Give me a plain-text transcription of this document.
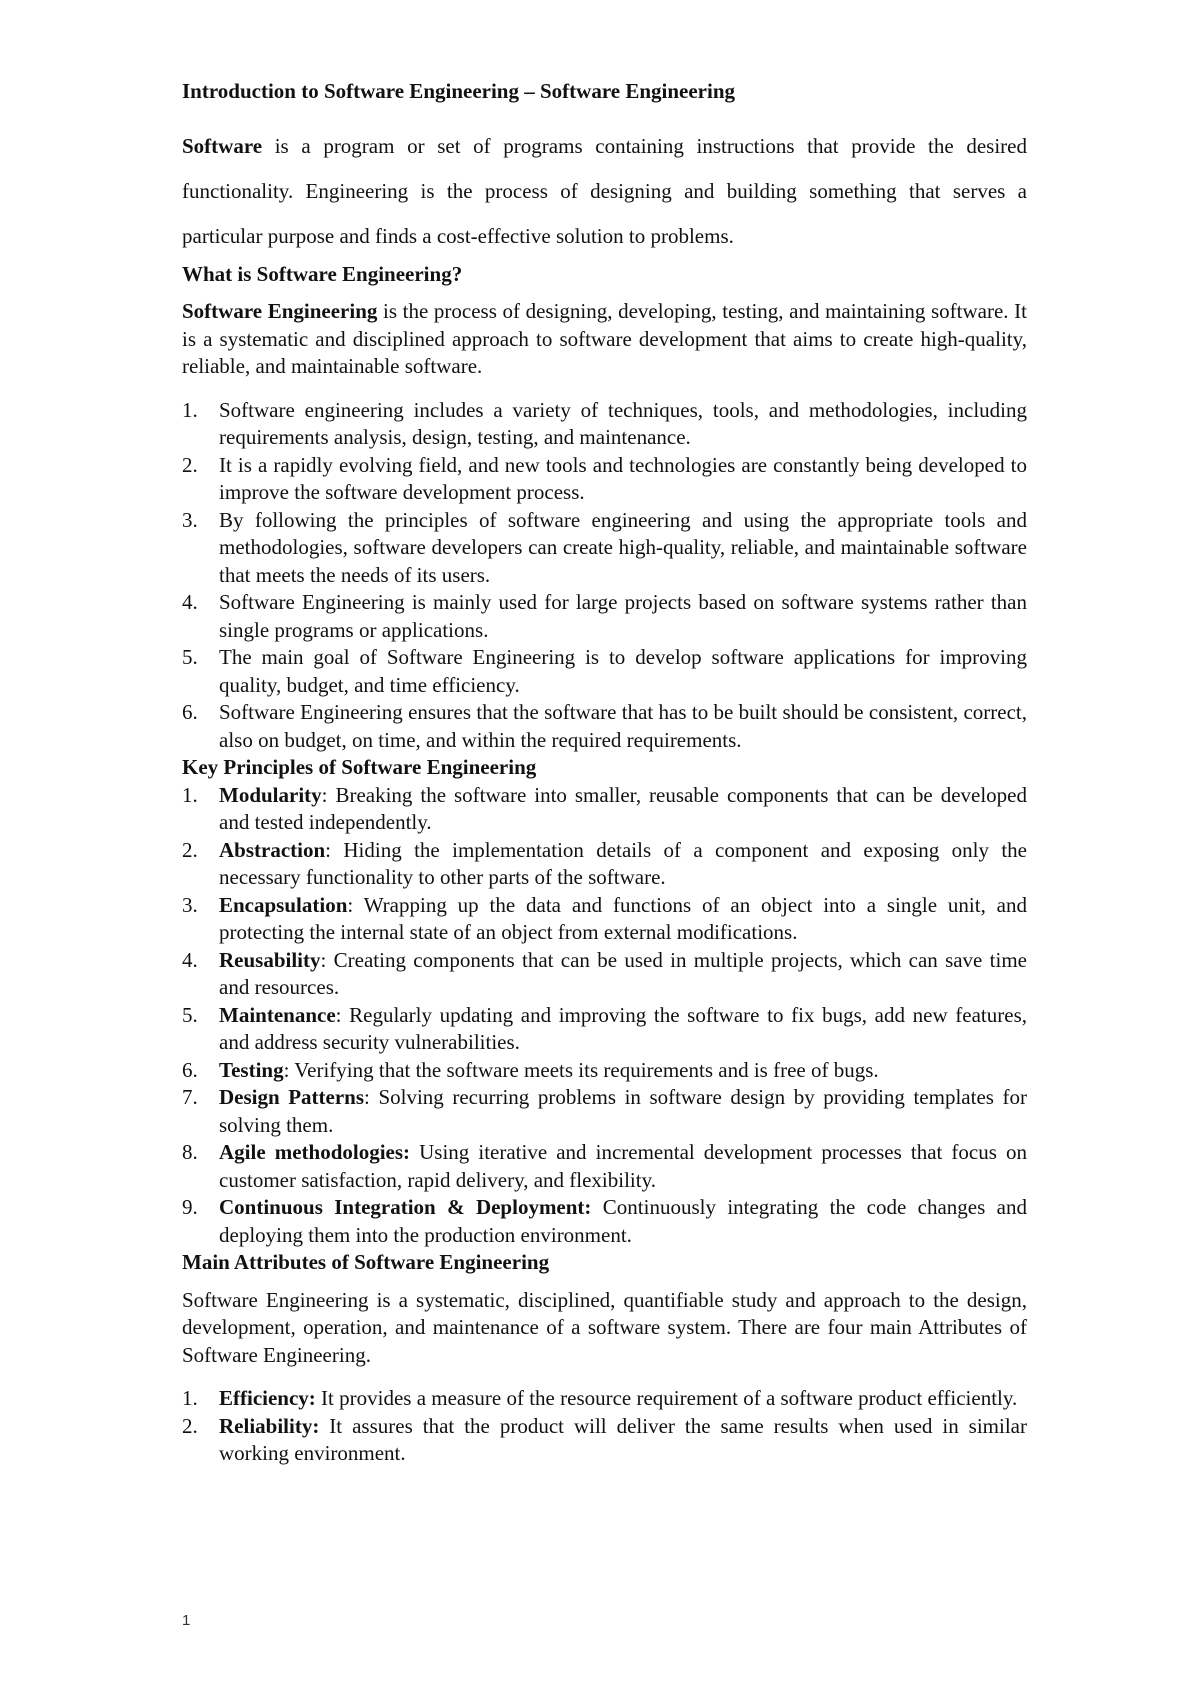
Introduction to Software Engineering – Software Engineering

Software is a program or set of programs containing instructions that provide the desired functionality. Engineering is the process of designing and building something that serves a particular purpose and finds a cost-effective solution to problems.

What is Software Engineering?

Software Engineering is the process of designing, developing, testing, and maintaining software. It is a systematic and disciplined approach to software development that aims to create high-quality, reliable, and maintainable software.

1. Software engineering includes a variety of techniques, tools, and methodologies, including requirements analysis, design, testing, and maintenance.
2. It is a rapidly evolving field, and new tools and technologies are constantly being developed to improve the software development process.
3. By following the principles of software engineering and using the appropriate tools and methodologies, software developers can create high-quality, reliable, and maintainable software that meets the needs of its users.
4. Software Engineering is mainly used for large projects based on software systems rather than single programs or applications.
5. The main goal of Software Engineering is to develop software applications for improving quality, budget, and time efficiency.
6. Software Engineering ensures that the software that has to be built should be consistent, correct, also on budget, on time, and within the required requirements.

Key Principles of Software Engineering

1. Modularity: Breaking the software into smaller, reusable components that can be developed and tested independently.
2. Abstraction: Hiding the implementation details of a component and exposing only the necessary functionality to other parts of the software.
3. Encapsulation: Wrapping up the data and functions of an object into a single unit, and protecting the internal state of an object from external modifications.
4. Reusability: Creating components that can be used in multiple projects, which can save time and resources.
5. Maintenance: Regularly updating and improving the software to fix bugs, add new features, and address security vulnerabilities.
6. Testing: Verifying that the software meets its requirements and is free of bugs.
7. Design Patterns: Solving recurring problems in software design by providing templates for solving them.
8. Agile methodologies: Using iterative and incremental development processes that focus on customer satisfaction, rapid delivery, and flexibility.
9. Continuous Integration & Deployment: Continuously integrating the code changes and deploying them into the production environment.

Main Attributes of Software Engineering

Software Engineering is a systematic, disciplined, quantifiable study and approach to the design, development, operation, and maintenance of a software system. There are four main Attributes of Software Engineering.

1. Efficiency: It provides a measure of the resource requirement of a software product efficiently.
2. Reliability: It assures that the product will deliver the same results when used in similar working environment.
1
